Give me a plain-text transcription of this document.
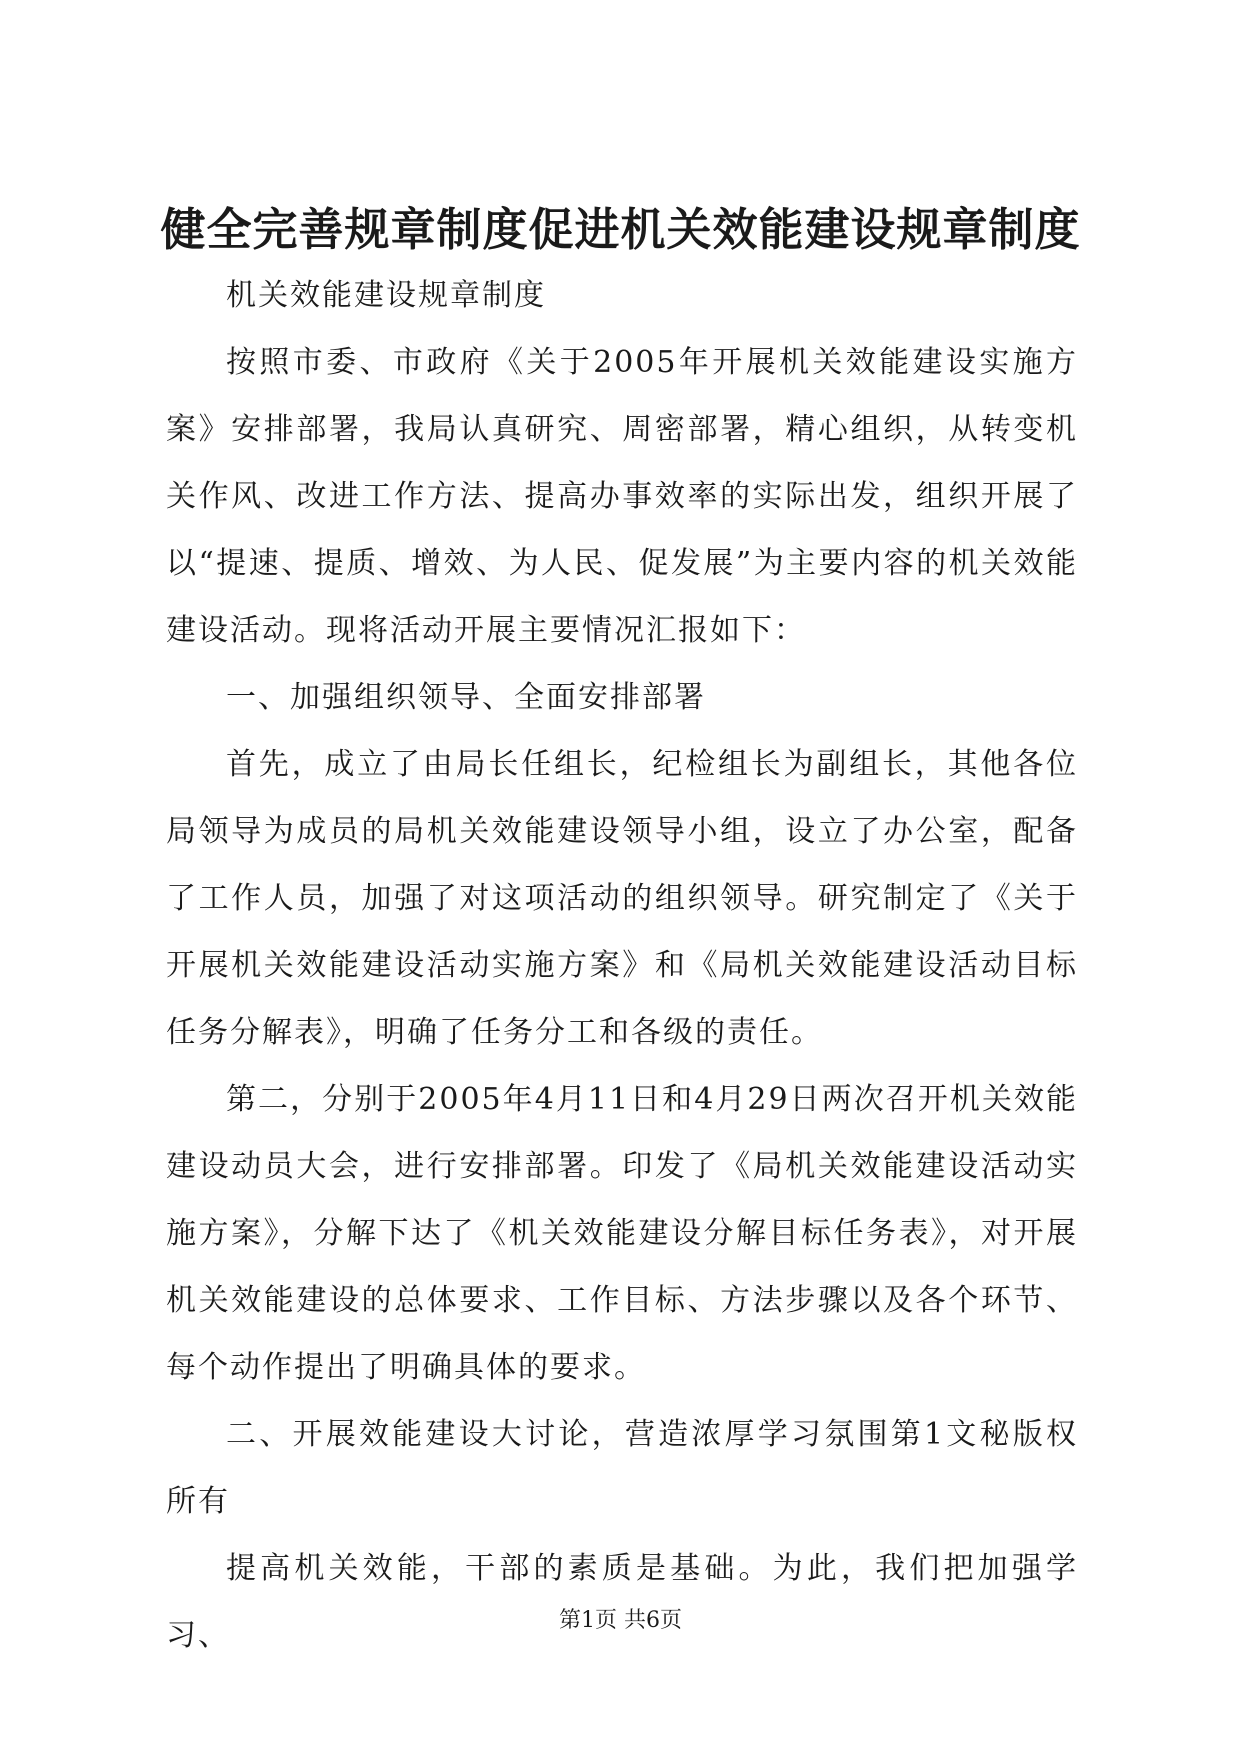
健全完善规章制度促进机关效能建设规章制度

机关效能建设规章制度

按照市委、市政府《关于2005年开展机关效能建设实施方案》安排部署，我局认真研究、周密部署，精心组织，从转变机关作风、改进工作方法、提高办事效率的实际出发，组织开展了以“提速、提质、增效、为人民、促发展”为主要内容的机关效能建设活动。现将活动开展主要情况汇报如下：

一、加强组织领导、全面安排部署

首先，成立了由局长任组长，纪检组长为副组长，其他各位局领导为成员的局机关效能建设领导小组，设立了办公室，配备了工作人员，加强了对这项活动的组织领导。研究制定了《关于开展机关效能建设活动实施方案》和《局机关效能建设活动目标任务分解表》，明确了任务分工和各级的责任。

第二，分别于2005年4月11日和4月29日两次召开机关效能建设动员大会，进行安排部署。印发了《局机关效能建设活动实施方案》，分解下达了《机关效能建设分解目标任务表》，对开展机关效能建设的总体要求、工作目标、方法步骤以及各个环节、每个动作提出了明确具体的要求。

二、开展效能建设大讨论，营造浓厚学习氛围第1文秘版权所有

提高机关效能，干部的素质是基础。为此，我们把加强学习、	第1页 共6页
